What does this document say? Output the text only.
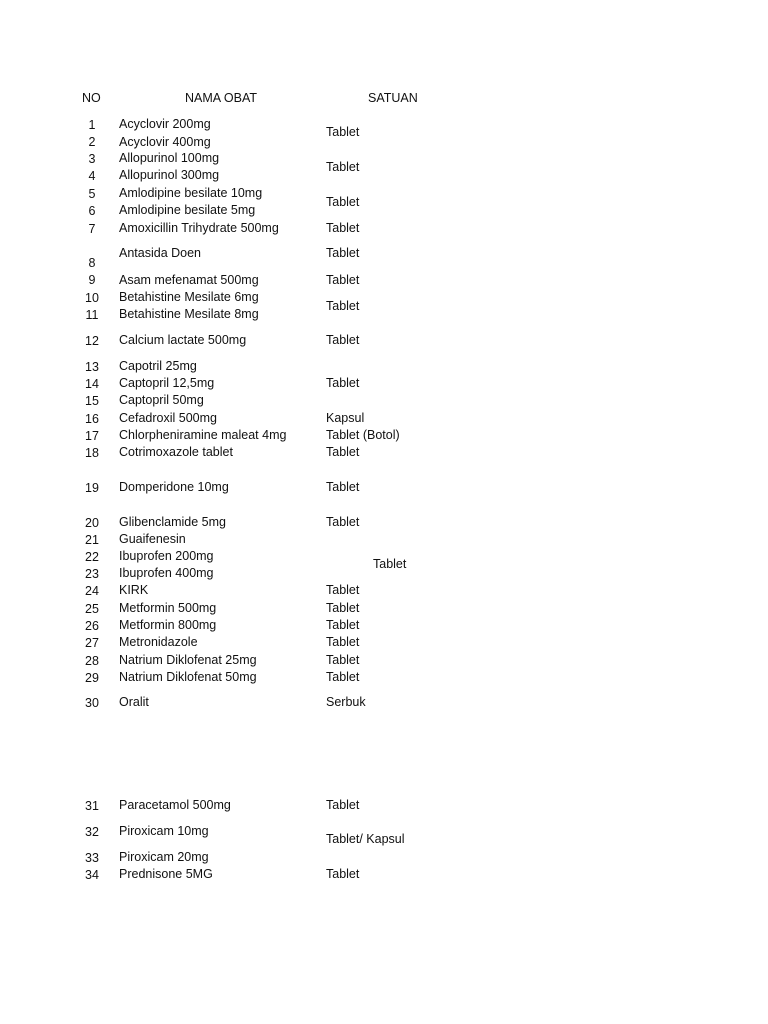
NO	NAMA OBAT	SATUAN
1
2
3
4
5
6
7
8
9
10
11
12
13
14
15
16
17
18
19
20
21
22
23
24
25
26
27
28
29
30
31
32
33
34
Acyclovir 200mg
Acyclovir 400mg
Allopurinol 100mg
Allopurinol 300mg
Amlodipine besilate 10mg
Amlodipine besilate 5mg
Amoxicillin Trihydrate 500mg
Antasida Doen
Asam mefenamat 500mg
Betahistine Mesilate 6mg
Betahistine Mesilate 8mg
Calcium lactate 500mg
Capotril 25mg
Captopril 12,5mg
Captopril 50mg
Cefadroxil 500mg
Chlorpheniramine maleat 4mg
Cotrimoxazole tablet
Domperidone 10mg
Glibenclamide 5mg
Guaifenesin
Ibuprofen 200mg
Ibuprofen 400mg
KIRK
Metformin 500mg
Metformin 800mg
Metronidazole
Natrium Diklofenat 25mg
Natrium Diklofenat 50mg
Oralit
Paracetamol 500mg
Piroxicam 10mg
Piroxicam 20mg
Prednisone 5MG
Tablet
Tablet
Tablet
Tablet
Tablet
Tablet
Tablet
Tablet
Tablet
Kapsul
Tablet (Botol)
Tablet
Tablet
Tablet
Tablet
Tablet
Tablet
Tablet
Tablet
Tablet
Tablet
Serbuk
Tablet
Tablet/ Kapsul
Tablet
